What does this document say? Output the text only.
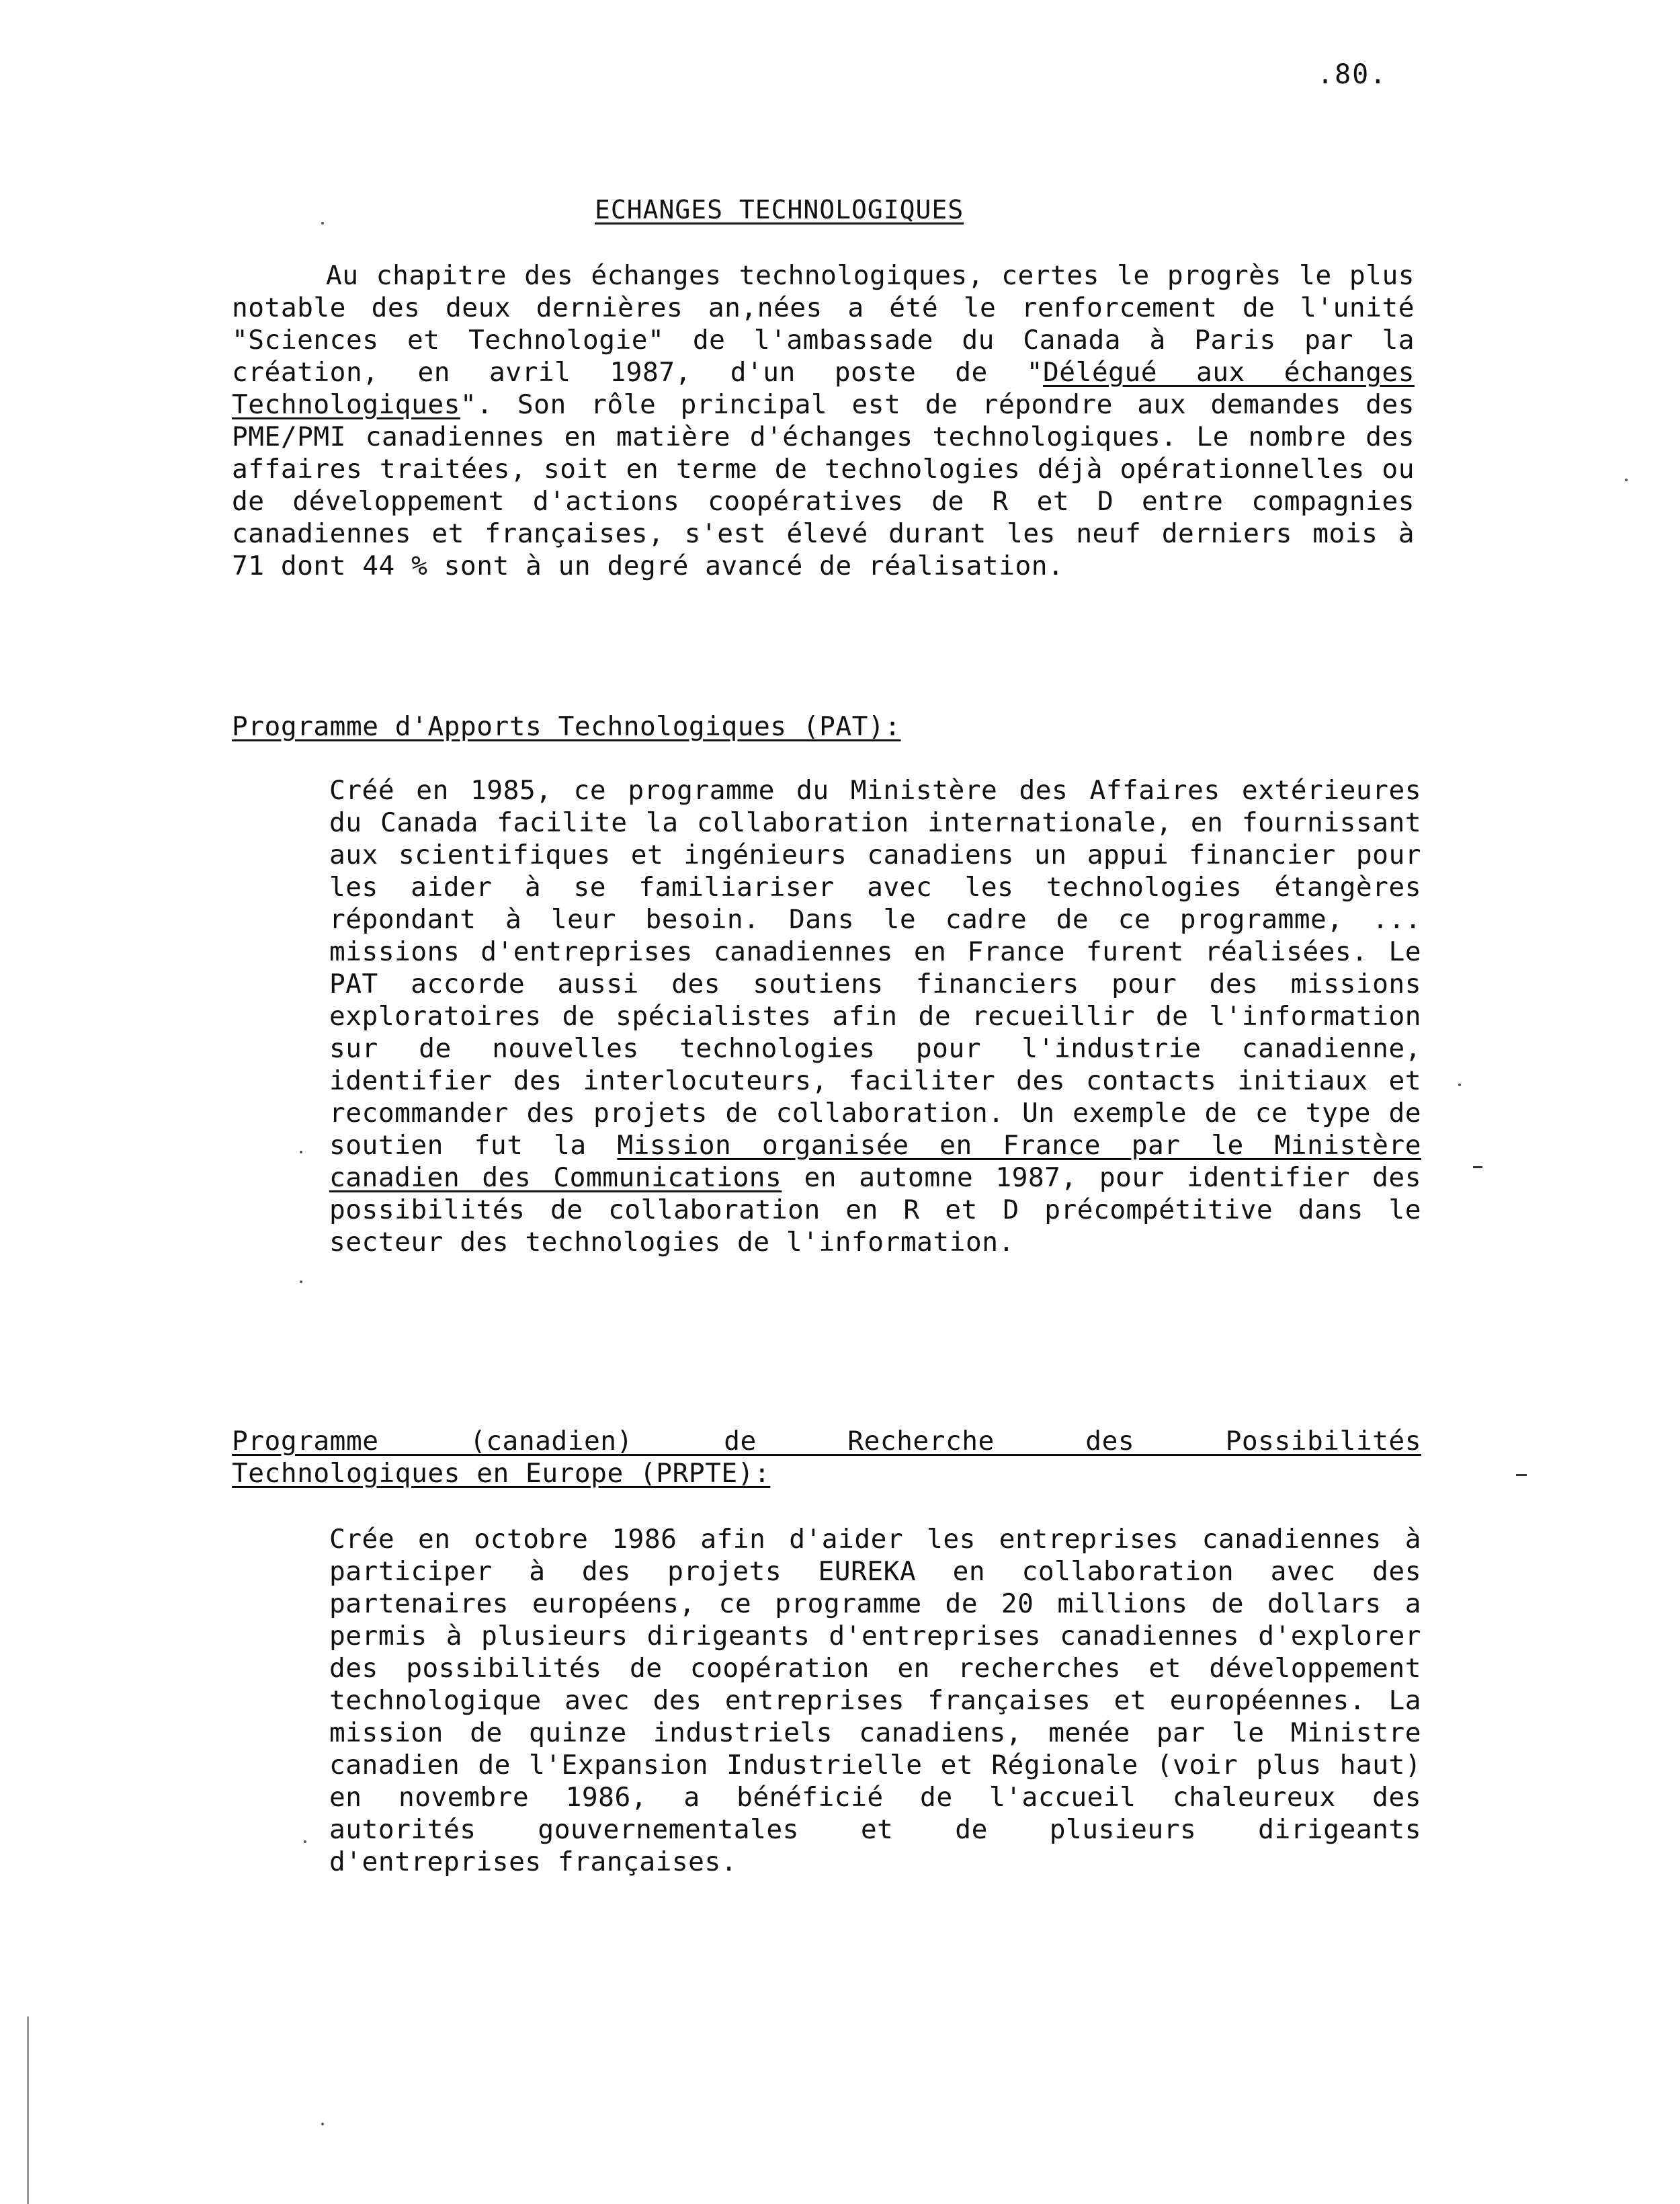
.80.
ECHANGES TECHNOLOGIQUES

Au chapitre des échanges technologiques, certes le progrès le plus notable des deux dernières an,nées a été le renforcement de l'unité "Sciences et Technologie" de l'ambassade du Canada à Paris par la création, en avril 1987, d'un poste de "Délégué aux échanges Technologiques". Son rôle principal est de répondre aux demandes des PME/PMI canadiennes en matière d'échanges technologiques. Le nombre des affaires traitées, soit en terme de technologies déjà opérationnelles ou de développement d'actions coopératives de R et D entre compagnies canadiennes et françaises, s'est élevé durant les neuf derniers mois à 71 dont 44 % sont à un degré avancé de réalisation.

Programme d'Apports Technologiques (PAT):

Créé en 1985, ce programme du Ministère des Affaires extérieures du Canada facilite la collaboration internationale, en fournissant aux scientifiques et ingénieurs canadiens un appui financier pour les aider à se familiariser avec les technologies étangères répondant à leur besoin. Dans le cadre de ce programme, ... missions d'entreprises canadiennes en France furent réalisées. Le PAT accorde aussi des soutiens financiers pour des missions exploratoires de spécialistes afin de recueillir de l'information sur de nouvelles technologies pour l'industrie canadienne, identifier des interlocuteurs, faciliter des contacts initiaux et recommander des projets de collaboration. Un exemple de ce type de soutien fut la Mission organisée en France par le Ministère canadien des Communications en automne 1987, pour identifier des possibilités de collaboration en R et D précompétitive dans le secteur des technologies de l'information.

Programme (canadien) de Recherche des Possibilités
Technologiques en Europe (PRPTE):

Crée en octobre 1986 afin d'aider les entreprises canadiennes à participer à des projets EUREKA en collaboration avec des partenaires européens, ce programme de 20 millions de dollars a permis à plusieurs dirigeants d'entreprises canadiennes d'explorer des possibilités de coopération en recherches et développement technologique avec des entreprises françaises et européennes. La mission de quinze industriels canadiens, menée par le Ministre canadien de l'Expansion Industrielle et Régionale (voir plus haut) en novembre 1986, a bénéficié de l'accueil chaleureux des autorités gouvernementales et de plusieurs dirigeants d'entreprises françaises.
